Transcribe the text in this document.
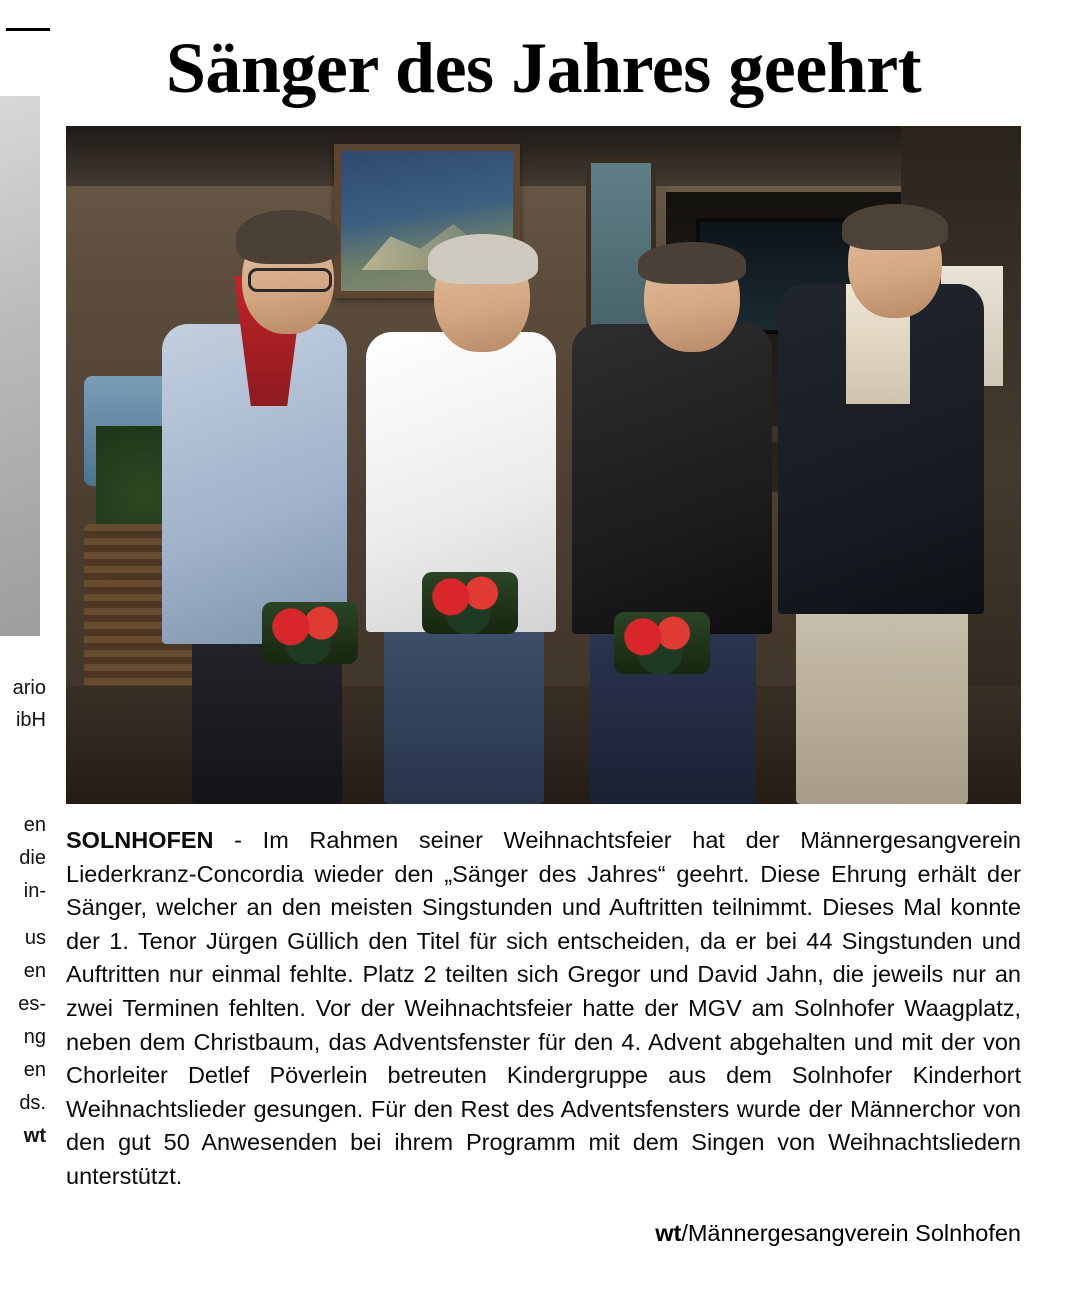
ario
ibH
en
die
in-
us
en
es-
ng
en
ds.
wt
Sänger des Jahres geehrt

SOLNHOFEN - Im Rahmen seiner Weihnachtsfeier hat der Männergesangverein Liederkranz-Concordia wieder den „Sänger des Jahres“ geehrt. Diese Ehrung erhält der Sänger, welcher an den meisten Singstunden und Auftritten teilnimmt. Dieses Mal konnte der 1. Tenor Jürgen Güllich den Titel für sich entscheiden, da er bei 44 Singstunden und Auftritten nur einmal fehlte. Platz 2 teilten sich Gregor und David Jahn, die jeweils nur an zwei Terminen fehlten. Vor der Weihnachtsfeier hatte der MGV am Solnhofer Waagplatz, neben dem Christbaum, das Adventsfenster für den 4. Advent abgehalten und mit der von Chorleiter Detlef Pöverlein betreuten Kindergruppe aus dem Solnhofer Kinderhort Weihnachtslieder gesungen. Für den Rest des Adventsfensters wurde der Männerchor von den gut 50 Anwesenden bei ihrem Programm mit dem Singen von Weihnachtsliedern unterstützt.

wt/Männergesangverein Solnhofen
